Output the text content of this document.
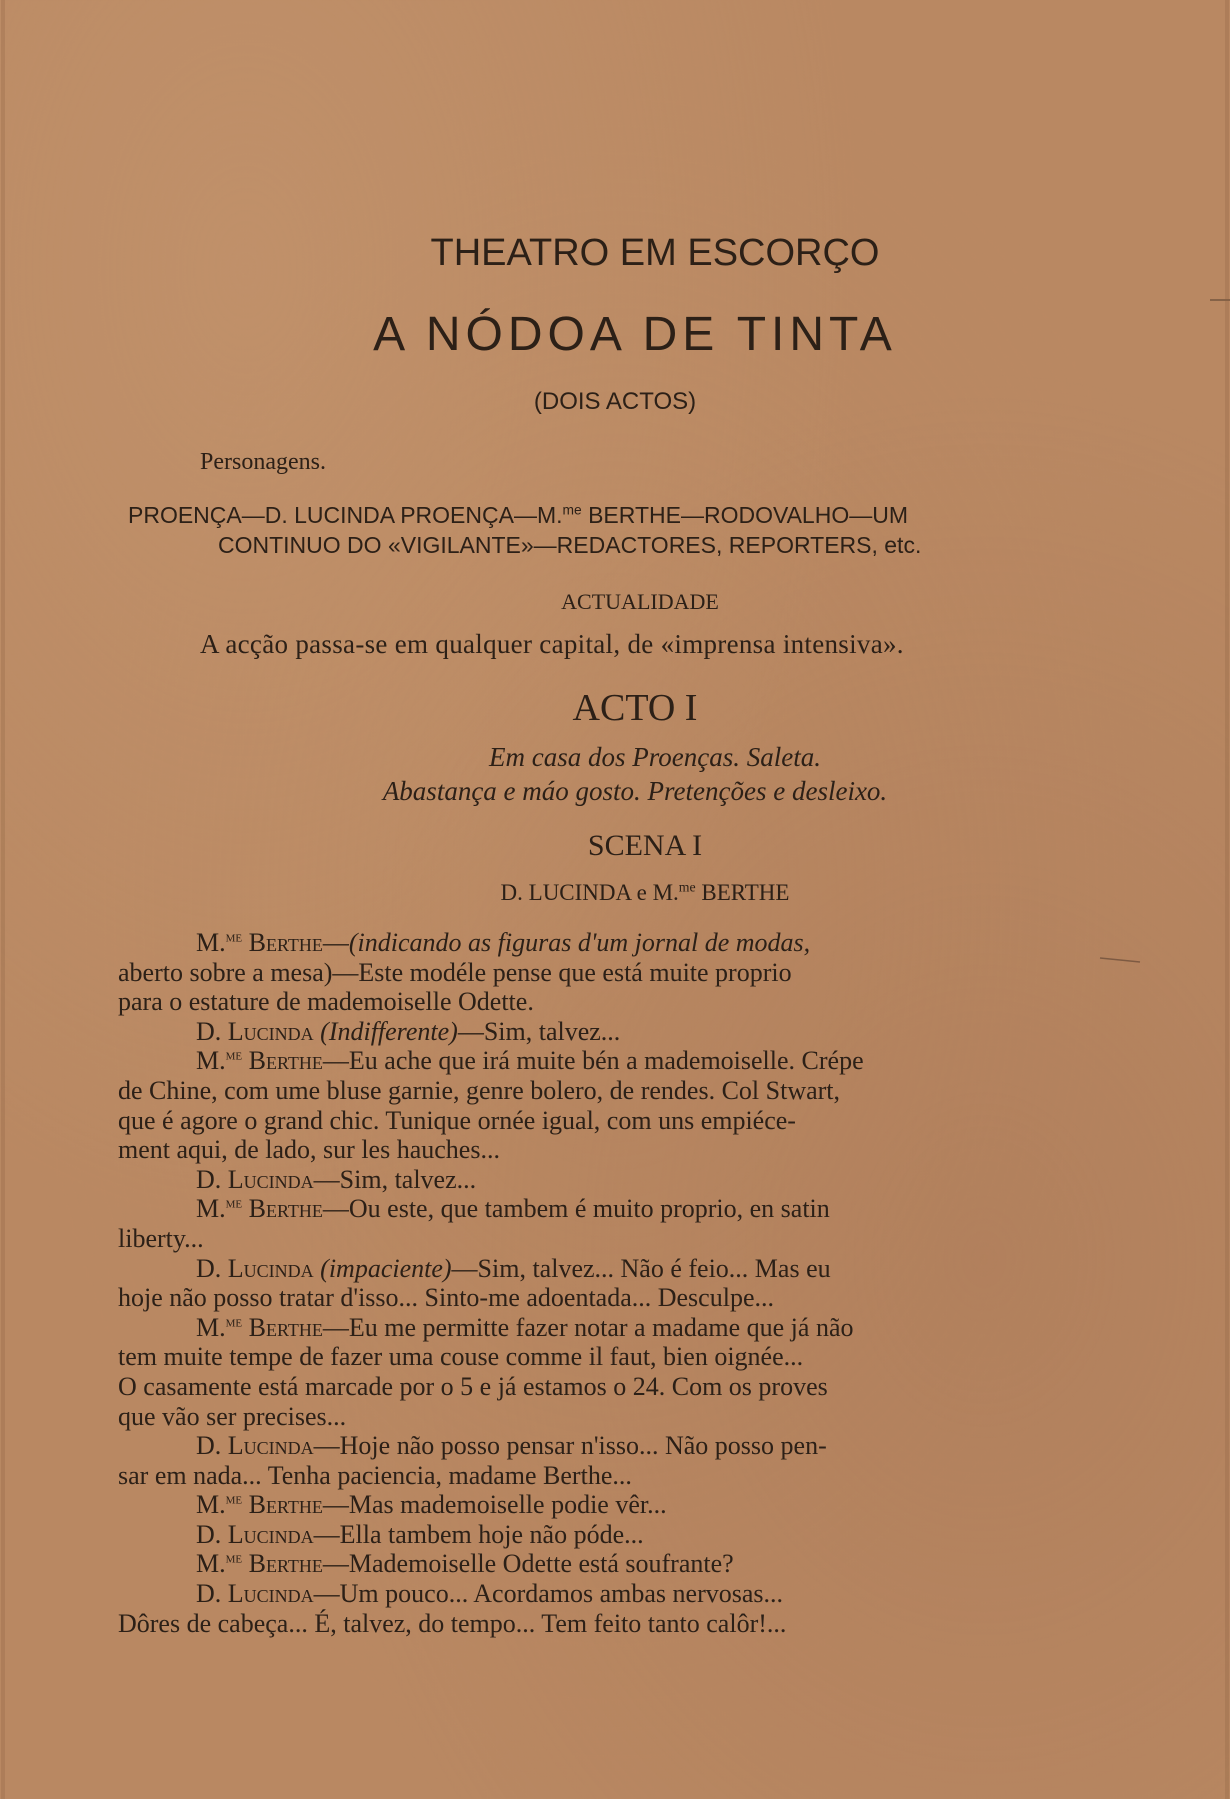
THEATRO EM ESCORÇO
A NÓDOA DE TINTA
(DOIS ACTOS)
Personagens.
PROENÇA—D. LUCINDA PROENÇA—M.$^{me}$ BERTHE—RODOVALHO—UM
CONTINUO DO «VIGILANTE»—REDACTORES, REPORTERS, etc.
ACTUALIDADE
A acção passa-se em qualquer capital, de «imprensa intensiva».
ACTO I
Em casa dos Proenças. Saleta.
Abastança e máo gosto. Pretenções e desleixo.
SCENA I
D. LUCINDA e M.$^{me}$ BERTHE
M.$^{me}$ Berthe—(indicando as figuras d'um jornal de modas,
aberto sobre a mesa)—Este modéle pense que está muite proprio
para o estature de mademoiselle Odette.
D. Lucinda (Indifferente)—Sim, talvez...
M.$^{me}$ Berthe—Eu ache que irá muite bén a mademoiselle. Crépe
de Chine, com ume bluse garnie, genre bolero, de rendes. Col Stwart,
que é agore o grand chic. Tunique ornée igual, com uns empiéce-
ment aqui, de lado, sur les hauches...
D. Lucinda—Sim, talvez...
M.$^{me}$ Berthe—Ou este, que tambem é muito proprio, en satin
liberty...
D. Lucinda (impaciente)—Sim, talvez... Não é feio... Mas eu
hoje não posso tratar d'isso... Sinto-me adoentada... Desculpe...
M.$^{me}$ Berthe—Eu me permitte fazer notar a madame que já não
tem muite tempe de fazer uma couse comme il faut, bien oignée...
O casamente está marcade por o 5 e já estamos o 24. Com os proves
que vão ser precises...
D. Lucinda—Hoje não posso pensar n'isso... Não posso pen-
sar em nada... Tenha paciencia, madame Berthe...
M.$^{me}$ Berthe—Mas mademoiselle podie vêr...
D. Lucinda—Ella tambem hoje não póde...
M.$^{me}$ Berthe—Mademoiselle Odette está soufrante?
D. Lucinda—Um pouco... Acordamos ambas nervosas...
Dôres de cabeça... É, talvez, do tempo... Tem feito tanto calôr!...
